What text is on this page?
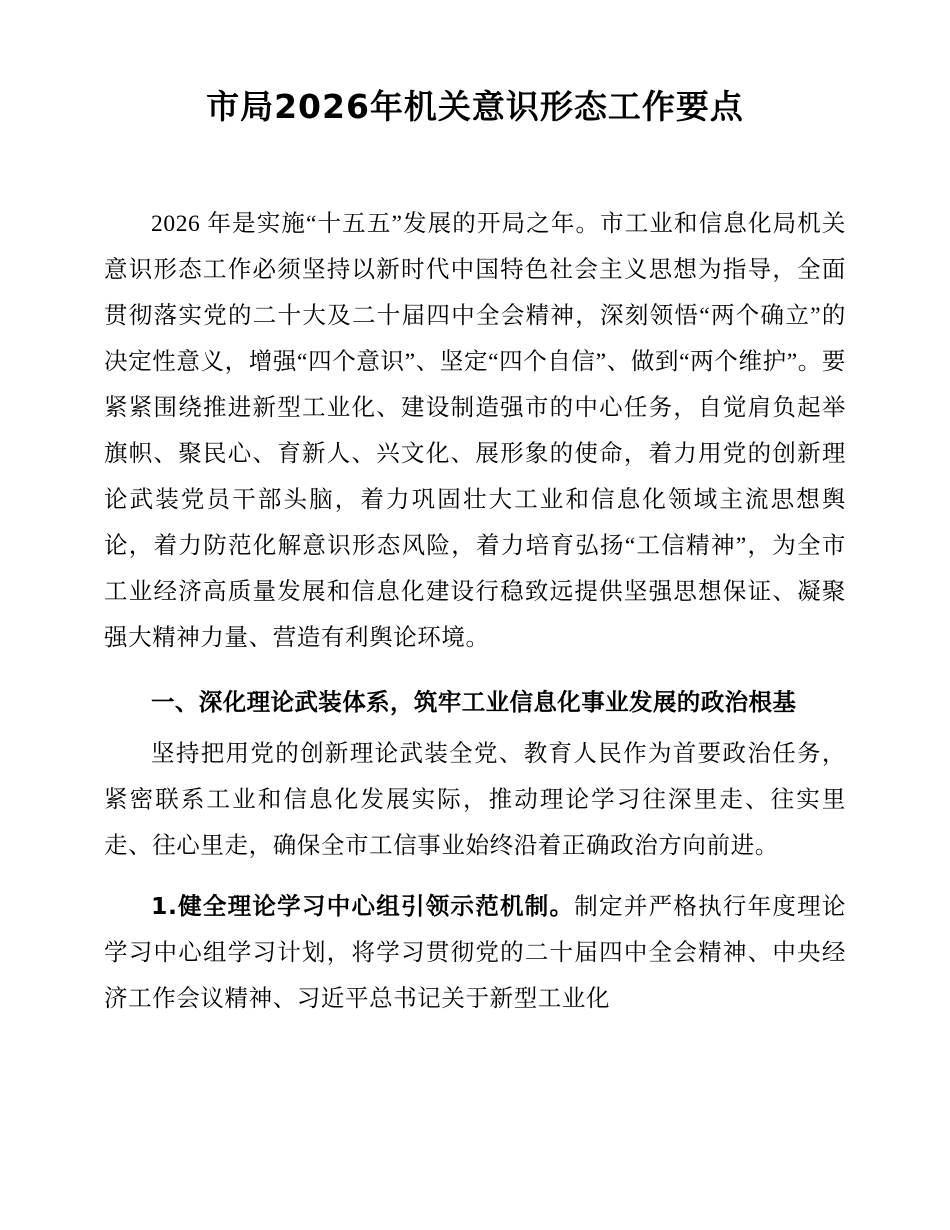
市局2026年机关意识形态工作要点

2026 年是实施“十五五”发展的开局之年。市工业和信息化局机关意识形态工作必须坚持以新时代中国特色社会主义思想为指导，全面贯彻落实党的二十大及二十届四中全会精神，深刻领悟“两个确立”的决定性意义，增强“四个意识”、坚定“四个自信”、做到“两个维护”。要紧紧围绕推进新型工业化、建设制造强市的中心任务，自觉肩负起举旗帜、聚民心、育新人、兴文化、展形象的使命，着力用党的创新理论武装党员干部头脑，着力巩固壮大工业和信息化领域主流思想舆论，着力防范化解意识形态风险，着力培育弘扬“工信精神”，为全市工业经济高质量发展和信息化建设行稳致远提供坚强思想保证、凝聚强大精神力量、营造有利舆论环境。

一、深化理论武装体系，筑牢工业信息化事业发展的政治根基

坚持把用党的创新理论武装全党、教育人民作为首要政治任务，紧密联系工业和信息化发展实际，推动理论学习往深里走、往实里走、往心里走，确保全市工信事业始终沿着正确政治方向前进。

1.健全理论学习中心组引领示范机制。制定并严格执行年度理论学习中心组学习计划，将学习贯彻党的二十届四中全会精神、中央经济工作会议精神、习近平总书记关于新型工业化
